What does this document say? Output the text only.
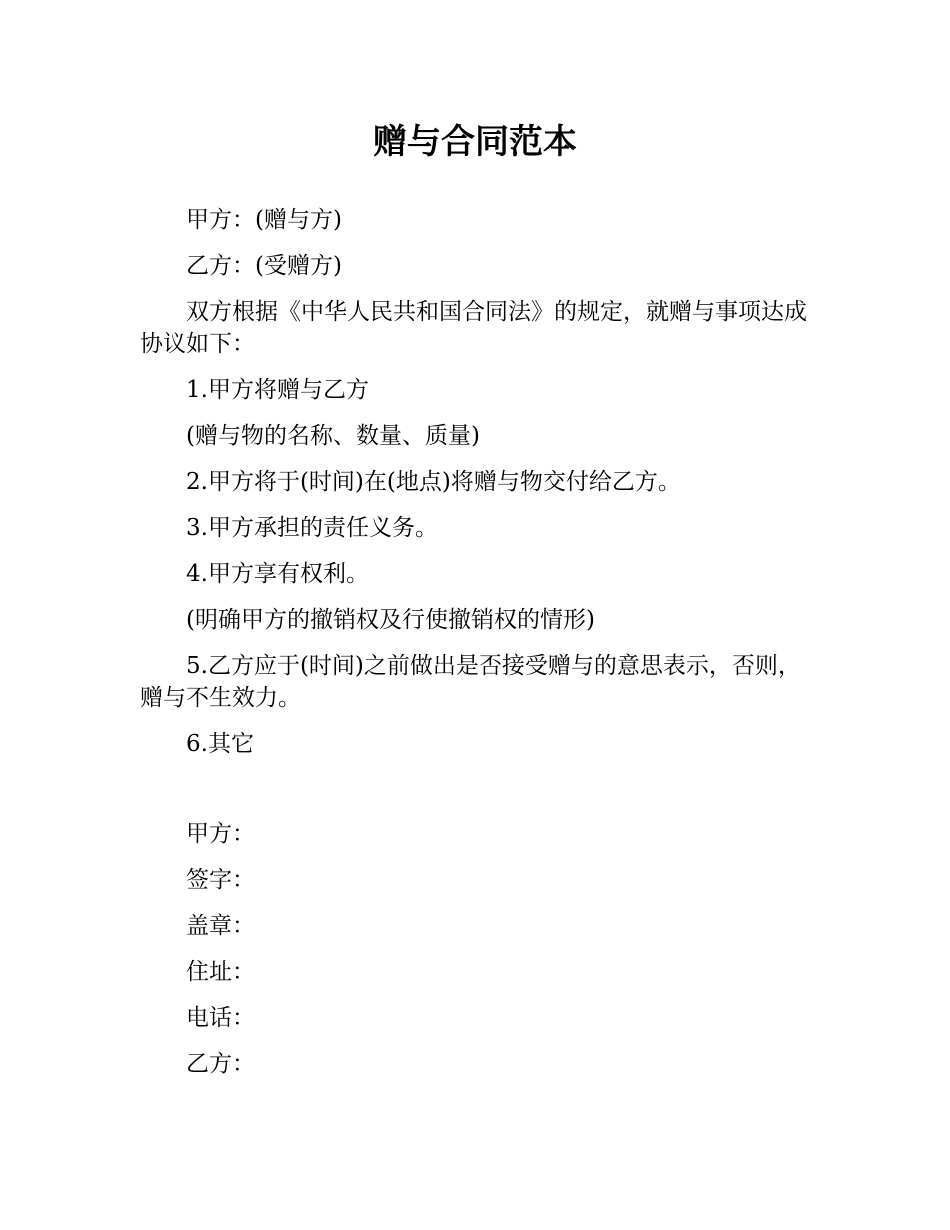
赠与合同范本

甲方：(赠与方)

乙方：(受赠方)

双方根据《中华人民共和国合同法》的规定，就赠与事项达成协议如下：

1.甲方将赠与乙方

(赠与物的名称、数量、质量)

2.甲方将于(时间)在(地点)将赠与物交付给乙方。

3.甲方承担的责任义务。

4.甲方享有权利。

(明确甲方的撤销权及行使撤销权的情形)

5.乙方应于(时间)之前做出是否接受赠与的意思表示，否则，赠与不生效力。

6.其它

甲方：

签字：

盖章：

住址：

电话：

乙方：
